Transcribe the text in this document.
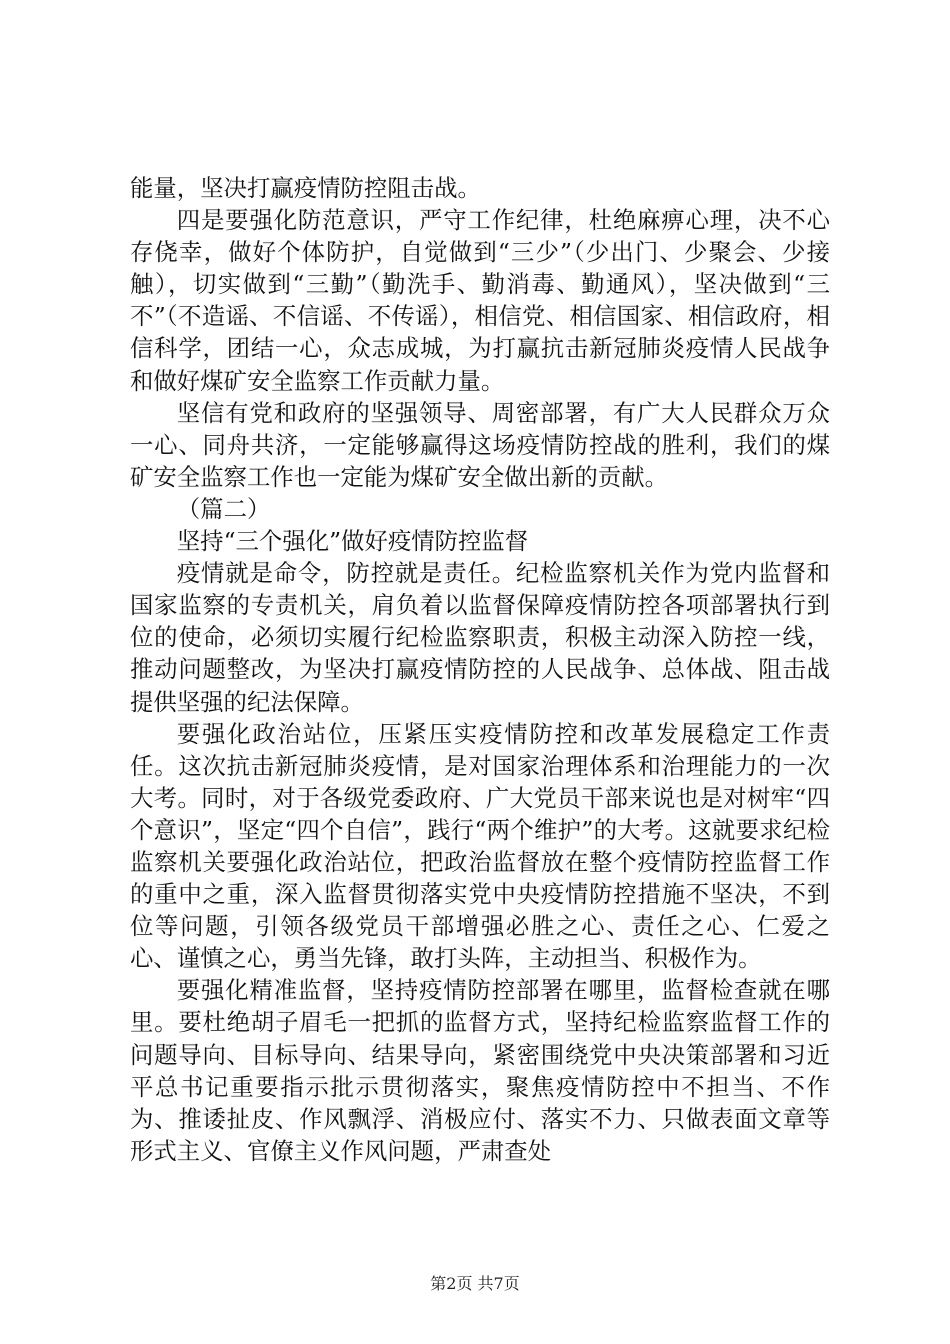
能量，坚决打赢疫情防控阻击战。

四是要强化防范意识，严守工作纪律，杜绝麻痹心理，决不心存侥幸，做好个体防护，自觉做到“三少”（少出门、少聚会、少接触），切实做到“三勤”（勤洗手、勤消毒、勤通风），坚决做到“三不”（不造谣、不信谣、不传谣），相信党、相信国家、相信政府，相信科学，团结一心，众志成城，为打赢抗击新冠肺炎疫情人民战争和做好煤矿安全监察工作贡献力量。

坚信有党和政府的坚强领导、周密部署，有广大人民群众万众一心、同舟共济，一定能够赢得这场疫情防控战的胜利，我们的煤矿安全监察工作也一定能为煤矿安全做出新的贡献。

（篇二）

坚持“三个强化”做好疫情防控监督

疫情就是命令，防控就是责任。纪检监察机关作为党内监督和国家监察的专责机关，肩负着以监督保障疫情防控各项部署执行到位的使命，必须切实履行纪检监察职责，积极主动深入防控一线，推动问题整改，为坚决打赢疫情防控的人民战争、总体战、阻击战提供坚强的纪法保障。

要强化政治站位，压紧压实疫情防控和改革发展稳定工作责任。这次抗击新冠肺炎疫情，是对国家治理体系和治理能力的一次大考。同时，对于各级党委政府、广大党员干部来说也是对树牢“四个意识”，坚定“四个自信”，践行“两个维护”的大考。这就要求纪检监察机关要强化政治站位，把政治监督放在整个疫情防控监督工作的重中之重，深入监督贯彻落实党中央疫情防控措施不坚决，不到位等问题，引领各级党员干部增强必胜之心、责任之心、仁爱之心、谨慎之心，勇当先锋，敢打头阵，主动担当、积极作为。

要强化精准监督，坚持疫情防控部署在哪里，监督检查就在哪里。要杜绝胡子眉毛一把抓的监督方式，坚持纪检监察监督工作的问题导向、目标导向、结果导向，紧密围绕党中央决策部署和习近平总书记重要指示批示贯彻落实，聚焦疫情防控中不担当、不作为、推诿扯皮、作风飘浮、消极应付、落实不力、只做表面文章等形式主义、官僚主义作风问题，严肃查处

第2页 共7页
